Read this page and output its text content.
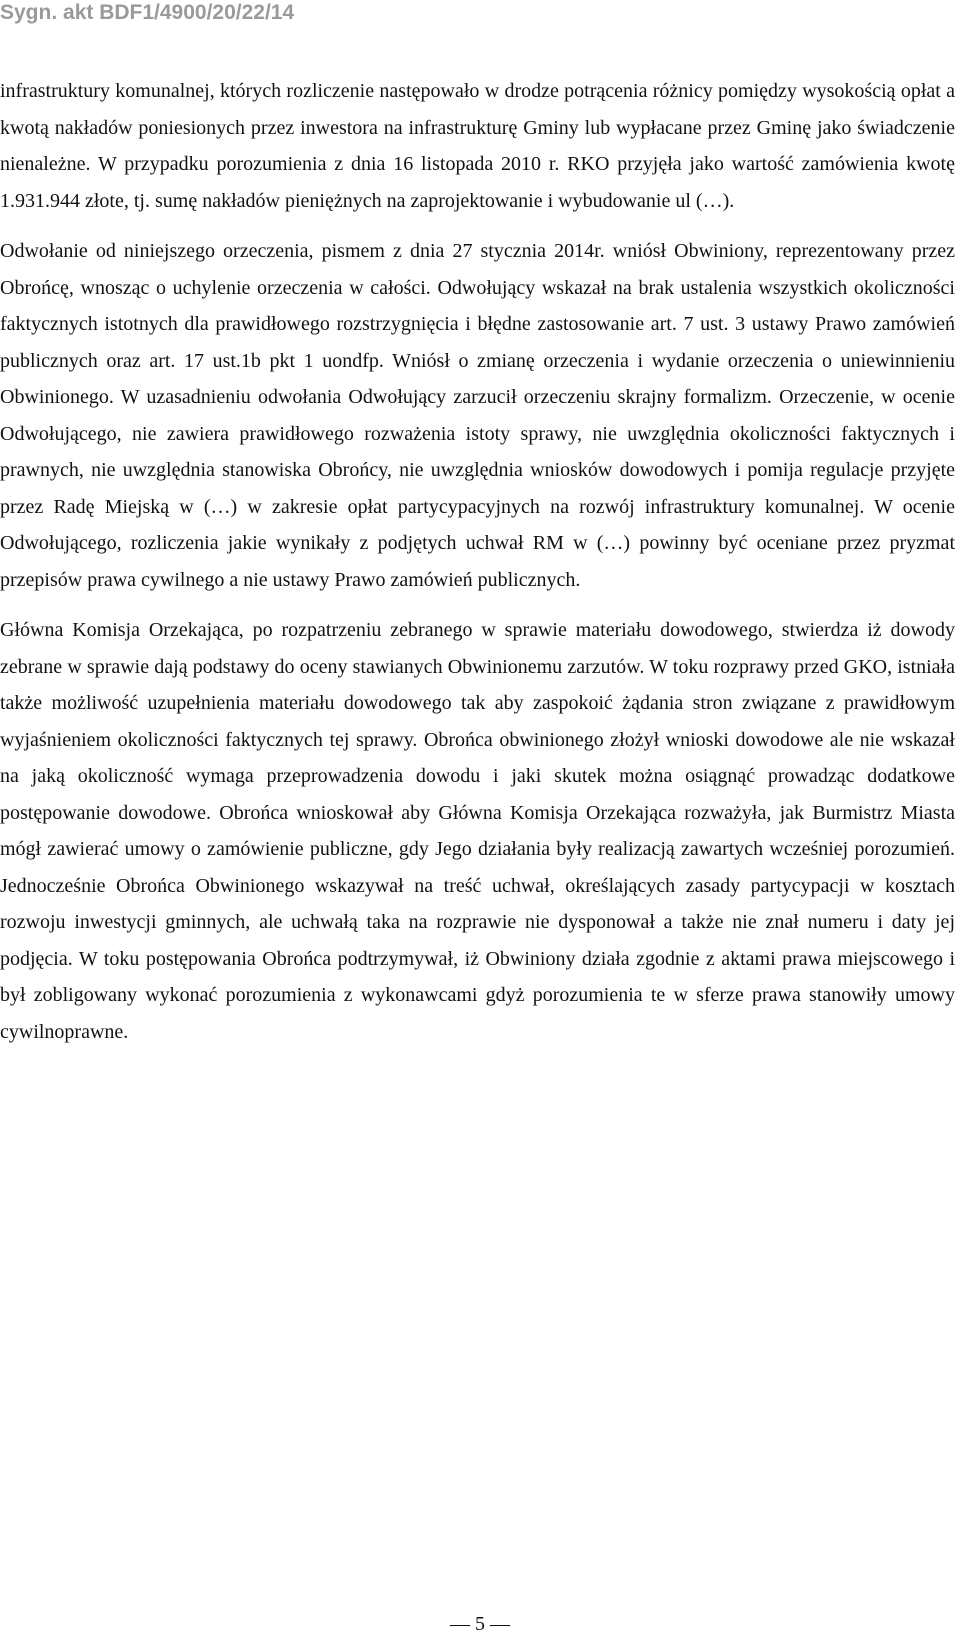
Sygn. akt BDF1/4900/20/22/14

infrastruktury komunalnej, których rozliczenie następowało w drodze potrącenia różnicy pomiędzy wysokością opłat a kwotą nakładów poniesionych przez inwestora na infrastrukturę Gminy lub wypłacane przez Gminę jako świadczenie nienależne. W przypadku porozumienia z dnia 16 listopada 2010 r. RKO przyjęła jako wartość zamówienia kwotę 1.931.944 złote, tj. sumę nakładów pieniężnych na zaprojektowanie i wybudowanie ul (…).

Odwołanie od niniejszego orzeczenia, pismem z dnia 27 stycznia 2014r. wniósł Obwiniony, reprezentowany przez Obrońcę, wnosząc o uchylenie orzeczenia w całości. Odwołujący wskazał na brak ustalenia wszystkich okoliczności faktycznych istotnych dla prawidłowego rozstrzygnięcia i błędne zastosowanie art. 7 ust. 3 ustawy Prawo zamówień publicznych oraz art. 17 ust.1b pkt 1 uondfp. Wniósł o zmianę orzeczenia i wydanie orzeczenia o uniewinnieniu Obwinionego. W uzasadnieniu odwołania Odwołujący zarzucił orzeczeniu skrajny formalizm. Orzeczenie, w ocenie Odwołującego, nie zawiera prawidłowego rozważenia istoty sprawy, nie uwzględnia okoliczności faktycznych i prawnych, nie uwzględnia stanowiska Obrońcy, nie uwzględnia wniosków dowodowych i pomija regulacje przyjęte przez Radę Miejską w (…) w zakresie opłat partycypacyjnych na rozwój infrastruktury komunalnej. W ocenie Odwołującego, rozliczenia jakie wynikały z podjętych uchwał RM w (…) powinny być oceniane przez pryzmat przepisów prawa cywilnego a nie ustawy Prawo zamówień publicznych.

Główna Komisja Orzekająca, po rozpatrzeniu zebranego w sprawie materiału dowodowego, stwierdza iż dowody zebrane w sprawie dają podstawy do oceny stawianych Obwinionemu zarzutów. W toku rozprawy przed GKO, istniała także możliwość uzupełnienia materiału dowodowego tak aby zaspokoić żądania stron związane z prawidłowym wyjaśnieniem okoliczności faktycznych tej sprawy. Obrońca obwinionego złożył wnioski dowodowe ale nie wskazał na jaką okoliczność wymaga przeprowadzenia dowodu i jaki skutek można osiągnąć prowadząc dodatkowe postępowanie dowodowe. Obrońca wnioskował aby Główna Komisja Orzekająca rozważyła, jak Burmistrz Miasta mógł zawierać umowy o zamówienie publiczne, gdy Jego działania były realizacją zawartych wcześniej porozumień. Jednocześnie Obrońca Obwinionego wskazywał na treść uchwał, określających zasady partycypacji w kosztach rozwoju inwestycji gminnych, ale uchwałą taka na rozprawie nie dysponował a także nie znał numeru i daty jej podjęcia. W toku postępowania Obrońca podtrzymywał, iż Obwiniony działa zgodnie z aktami prawa miejscowego i był zobligowany wykonać porozumienia z wykonawcami gdyż porozumienia te w sferze prawa stanowiły umowy cywilnoprawne.

— 5 —
